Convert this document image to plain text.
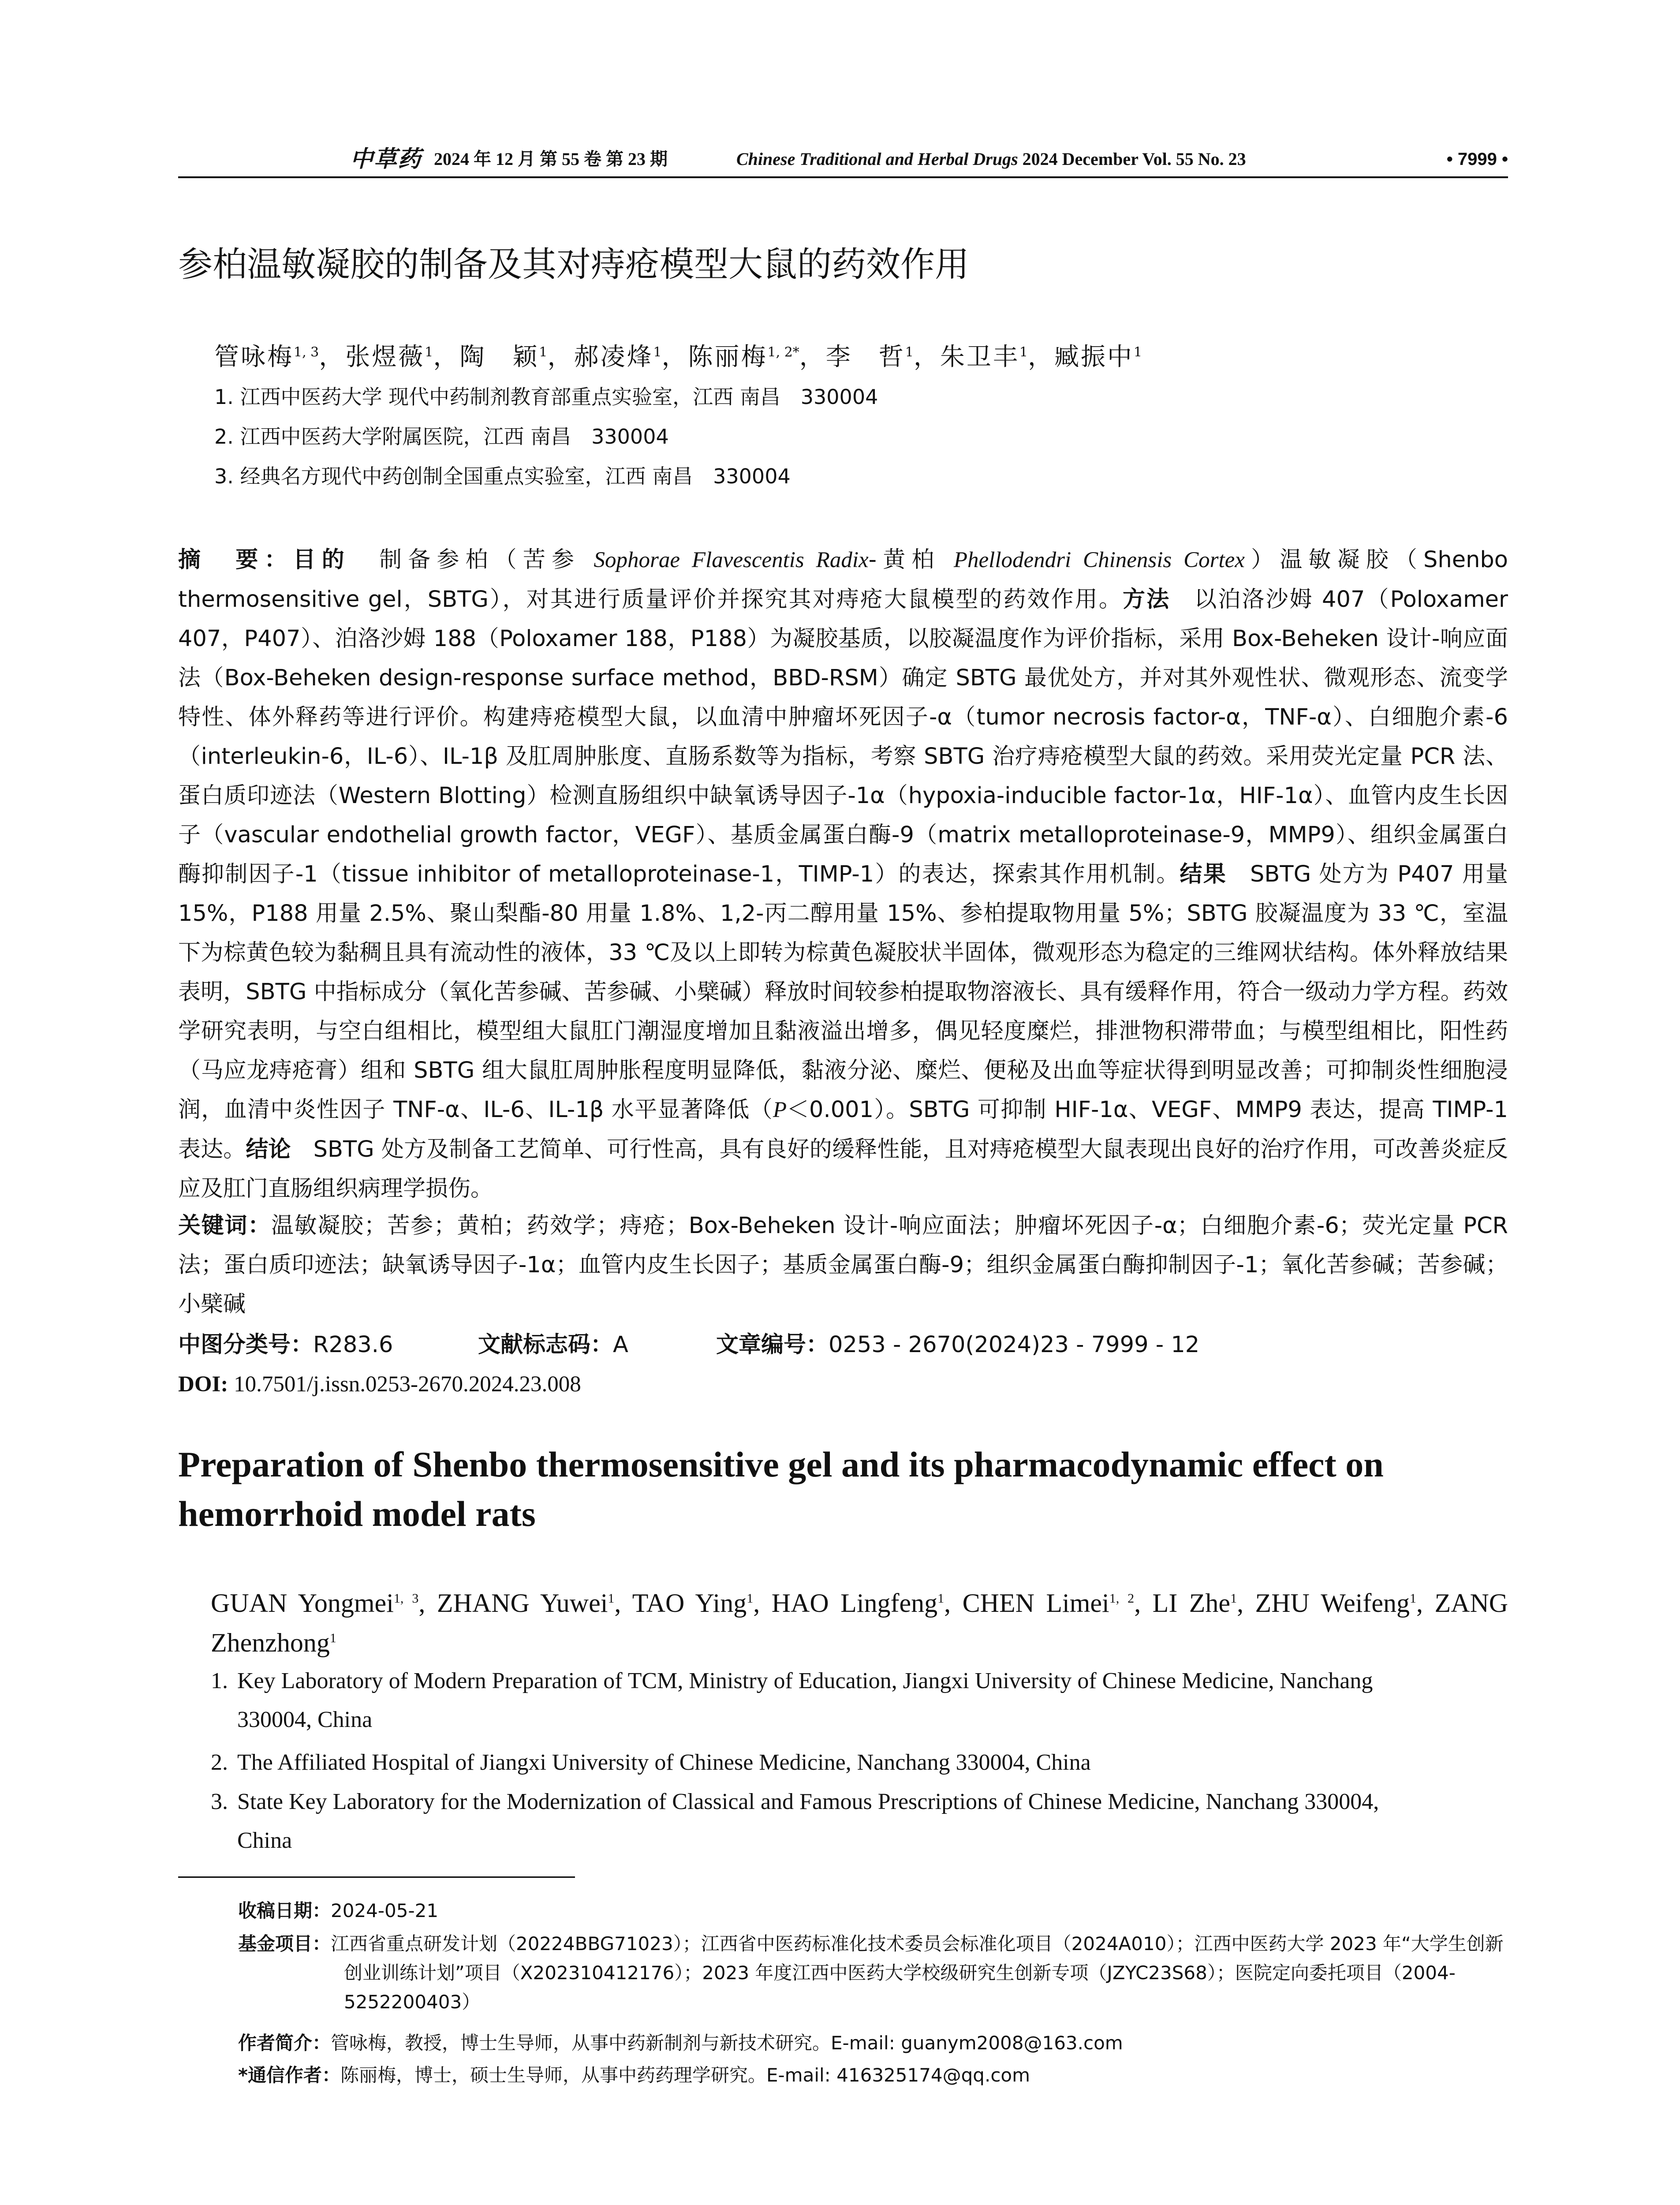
中草药 2024 年 12 月 第 55 卷 第 23 期	Chinese Traditional and Herbal Drugs 2024 December Vol. 55 No. 23	• 7999 •
参柏温敏凝胶的制备及其对痔疮模型大鼠的药效作用
管咏梅$^{1, 3}$，张煜薇$^1$，陶　颖$^1$，郝凌烽$^1$，陈丽梅$^{1, 2*}$，李　哲$^1$，朱卫丰$^1$，臧振中$^1$
1. 江西中医药大学 现代中药制剂教育部重点实验室，江西 南昌　330004
2. 江西中医药大学附属医院，江西 南昌　330004
3. 经典名方现代中药创制全国重点实验室，江西 南昌　330004
摘　要：目的　制备参柏（苦参 Sophorae Flavescentis Radix-黄柏 Phellodendri Chinensis Cortex）温敏凝胶（Shenbo thermosensitive gel，SBTG），对其进行质量评价并探究其对痔疮大鼠模型的药效作用。方法　以泊洛沙姆 407（Poloxamer 407，P407）、泊洛沙姆 188（Poloxamer 188，P188）为凝胶基质，以胶凝温度作为评价指标，采用 Box-Beheken 设计-响应面法（Box-Beheken design-response surface method，BBD-RSM）确定 SBTG 最优处方，并对其外观性状、微观形态、流变学特性、体外释药等进行评价。构建痔疮模型大鼠，以血清中肿瘤坏死因子-α（tumor necrosis factor-α，TNF-α）、白细胞介素-6（interleukin-6，IL-6）、IL-1β 及肛周肿胀度、直肠系数等为指标，考察 SBTG 治疗痔疮模型大鼠的药效。采用荧光定量 PCR 法、蛋白质印迹法（Western Blotting）检测直肠组织中缺氧诱导因子-1α（hypoxia-inducible factor-1α，HIF-1α）、血管内皮生长因子（vascular endothelial growth factor，VEGF）、基质金属蛋白酶-9（matrix metalloproteinase-9，MMP9）、组织金属蛋白酶抑制因子-1（tissue inhibitor of metalloproteinase-1，TIMP-1）的表达，探索其作用机制。结果　SBTG 处方为 P407 用量 15%，P188 用量 2.5%、聚山梨酯-80 用量 1.8%、1,2-丙二醇用量 15%、参柏提取物用量 5%；SBTG 胶凝温度为 33 ℃，室温下为棕黄色较为黏稠且具有流动性的液体，33 ℃及以上即转为棕黄色凝胶状半固体，微观形态为稳定的三维网状结构。体外释放结果表明，SBTG 中指标成分（氧化苦参碱、苦参碱、小檗碱）释放时间较参柏提取物溶液长、具有缓释作用，符合一级动力学方程。药效学研究表明，与空白组相比，模型组大鼠肛门潮湿度增加且黏液溢出增多，偶见轻度糜烂，排泄物积滞带血；与模型组相比，阳性药（马应龙痔疮膏）组和 SBTG 组大鼠肛周肿胀程度明显降低，黏液分泌、糜烂、便秘及出血等症状得到明显改善；可抑制炎性细胞浸润，血清中炎性因子 TNF-α、IL-6、IL-1β 水平显著降低（P＜0.001）。SBTG 可抑制 HIF-1α、VEGF、MMP9 表达，提高 TIMP-1 表达。结论　SBTG 处方及制备工艺简单、可行性高，具有良好的缓释性能，且对痔疮模型大鼠表现出良好的治疗作用，可改善炎症反应及肛门直肠组织病理学损伤。
关键词：温敏凝胶；苦参；黄柏；药效学；痔疮；Box-Beheken 设计-响应面法；肿瘤坏死因子-α；白细胞介素-6；荧光定量 PCR 法；蛋白质印迹法；缺氧诱导因子-1α；血管内皮生长因子；基质金属蛋白酶-9；组织金属蛋白酶抑制因子-1；氧化苦参碱；苦参碱；小檗碱
中图分类号：R283.6	文献标志码：A	文章编号：0253 - 2670(2024)23 - 7999 - 12
DOI: 10.7501/j.issn.0253-2670.2024.23.008
Preparation of Shenbo thermosensitive gel and its pharmacodynamic effect on hemorrhoid model rats
GUAN Yongmei$^{1, 3}$, ZHANG Yuwei$^1$, TAO Ying$^1$, HAO Lingfeng$^1$, CHEN Limei$^{1, 2}$, LI Zhe$^1$, ZHU Weifeng$^1$, ZANG Zhenzhong$^1$
1. Key Laboratory of Modern Preparation of TCM, Ministry of Education, Jiangxi University of Chinese Medicine, Nanchang
330004, China
2. The Affiliated Hospital of Jiangxi University of Chinese Medicine, Nanchang 330004, China
3. State Key Laboratory for the Modernization of Classical and Famous Prescriptions of Chinese Medicine, Nanchang 330004,
China
收稿日期：2024-05-21
基金项目：江西省重点研发计划（20224BBG71023）；江西省中医药标准化技术委员会标准化项目（2024A010）；江西中医药大学 2023 年“大学生创新创业训练计划”项目（X202310412176）；2023 年度江西中医药大学校级研究生创新专项（JZYC23S68）；医院定向委托项目（2004-5252200403）
作者简介：管咏梅，教授，博士生导师，从事中药新制剂与新技术研究。E-mail: guanym2008@163.com
*通信作者：陈丽梅，博士，硕士生导师，从事中药药理学研究。E-mail: 416325174@qq.com
